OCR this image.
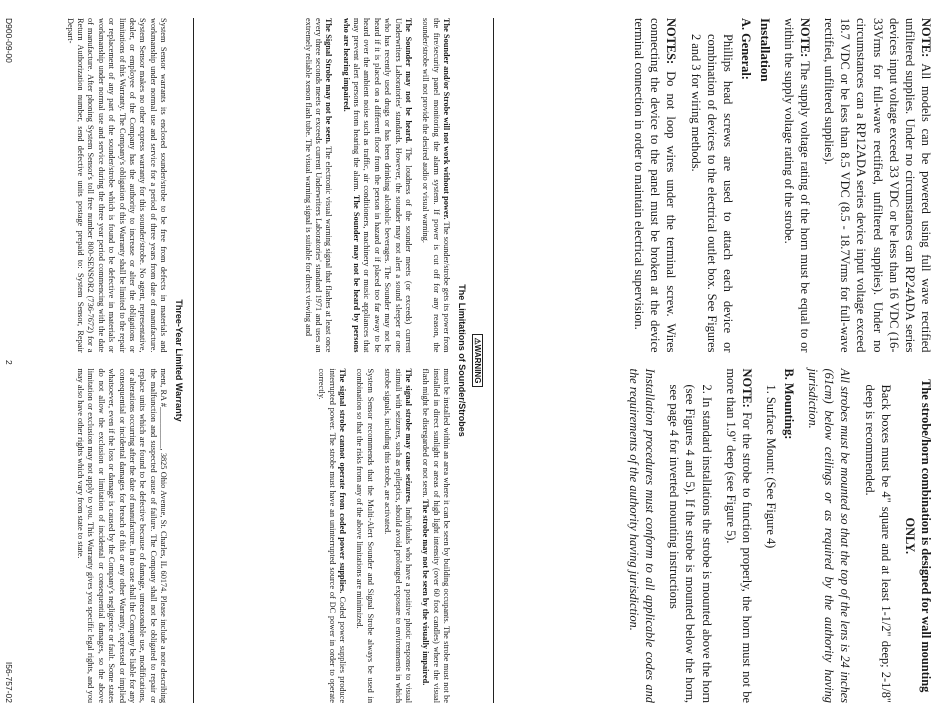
NOTE: All models can be powered using full wave rectified unfiltered supplies. Under no circumstances can RP24ADA series devices input voltage exceed 33 VDC or be less than 16 VDC (16-33Vrms for full-wave rectified, unfiltered supplies). Under no circumstances can a RP12ADA series device input voltage exceed 18.7 VDC or be less than 8.5 VDC (8.5 - 18.7Vrms for full-wave rectified, unfiltered supplies).

NOTE: The supply voltage rating of the horn must be equal to or within the supply voltage rating of the strobe.

Installation
A. General:

Phillips head screws are used to attach each device or combination of devices to the electrical outlet box. See Figures 2 and 3 for wiring methods.

NOTES: Do not loop wires under the terminal screw. Wires connecting the device to the panel must be broken at the device terminal connection in order to maintain electrical supervision.

The strobe/horn combination is designed for wall mounting ONLY.

Back boxes must be 4" square and at least 1-1/2" deep; 2-1/8" deep is recommended.

All strobes must be mounted so that the top of the lens is 24 inches (61cm) below ceilings or as required by the authority having jurisdiction.

B. Mounting:

1. Surface Mount: (See Figure 4)

NOTE: For the strobe to function properly, the horn must not be more than 1.9" deep (see Figure 5).

2. In standard installations the strobe is mounted above the horn (see Figures 4 and 5). If the strobe is mounted below the horn, see page 4 for inverted mounting instructions

Installation procedures must conform to all applicable codes and the requirements of the authority having jurisdiction.

⚠WARNING
The Limitations of Sounder/Strobes

The Sounder and/or Strobe will not work without power. The sounder/strobe gets its power from the fire/security panel monitoring the alarm system. If power is cut off for any reason, the sounder/strobe will not provide the desired audio or visual warning.

The Sounder may not be heard. The loudness of the sounder meets (or exceeds) current Underwriters Laboratories' standards. However, the sounder may not alert a sound sleeper or one who has recently used drugs or has been drinking alcoholic beverages. The Sounder may not be heard if it is placed on a different floor from the person in hazard or if placed too far away to be heard over the ambient noise such as traffic, air conditioners, machinery or music appliances that may prevent alert persons from hearing the alarm. The Sounder may not be heard by persons who are hearing impaired.

The Signal Strobe may not be seen. The electronic visual warning signal that flashes at least once every three seconds meets or exceeds current Underwriters Laboratories' standard 1971 and uses an extremely reliable xenon flash tube. The visual warning signal is suitable for direct viewing and

must be installed within an area where it can be seen by building occupants. The strobe must not be installed in direct sunlight or areas of high light intensity (over 60 foot candles) where the visual flash might be disregarded or not seen. The strobe may not be seen by the visually impaired.

The signal strobe may cause seizures. Individuals who have a positive photic response to visual stimuli with seizures, such as epileptics, should avoid prolonged exposure to environments in which strobe signals, including this strobe, are activated.

System Sensor recommends that the Multi-Alert Sounder and Signal Strobe always be used in combination so that the risks from any of the above limitations are minimized.

The signal strobe cannot operate from coded power supplies. Coded power supplies produce interrupted power. The strobe must have an uninterrupted source of DC power in order to operate correctly.

Three-Year Limited Warranty
System Sensor warrants its enclosed sounder/strobe to be free from defects in materials and workmanship under normal use and service for a period of three years from date of manufacture. System Sensor makes no other express warranty for this sounder/strobe. No agent, representative, dealer, or employee of the Company has the authority to increase or alter the obligations or limitations of this Warranty. The Company's obligation of this Warranty shall be limited to the repair or replacement of any part of the sounder/strobe which is found to be defective in materials or workmanship under normal use and service during the three year period commencing with the date of manufacture. After phoning System Sensor's toll free number 800-SENSOR2 (736-7672) for a Return Authorization number, send defective units postage prepaid to: System Sensor, Repair Depart-
ment, RA #__________, 3825 Ohio Avenue, St. Charles, IL 60174. Please include a note describing the malfunction and suspected cause of failure. The Company shall not be obligated to repair or replace units which are found to be defective because of damage, unreasonable use, modifications, or alterations occurring after the date of manufacture. In no case shall the Company be liable for any consequential or incidental damages for breach of this or any other Warranty, expressed or implied whatsoever, even if the loss or damage is caused by the Company's negligence or fault. Some states do not allow the exclusion or limitation of incidental or consequential damages, so the above limitation or exclusion may not apply to you. This Warranty gives you specific legal rights, and you may also have other rights which vary from state to state.
D900-09-00
2
I56-757-02
